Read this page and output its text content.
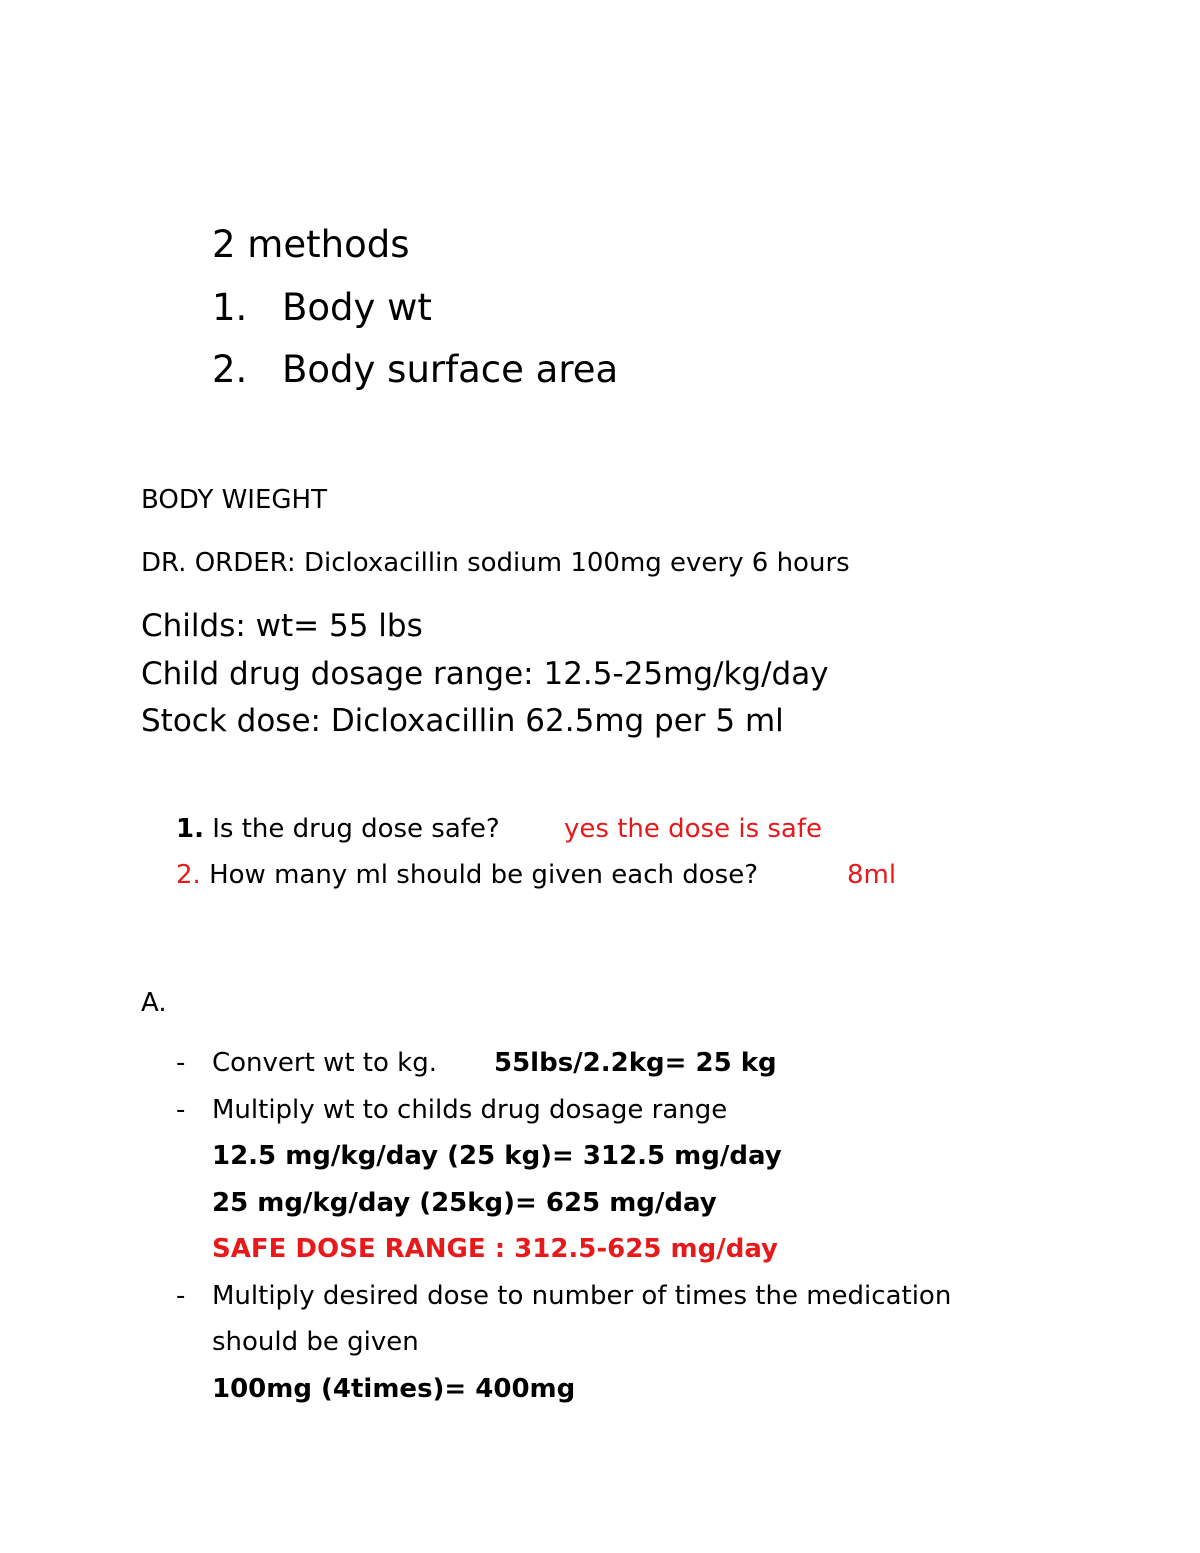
2 methods
1. Body wt
2. Body surface area
BODY WIEGHT
DR. ORDER: Dicloxacillin sodium 100mg every 6 hours
Childs: wt= 55 lbs
Child drug dosage range: 12.5-25mg/kg/day
Stock dose: Dicloxacillin 62.5mg per 5 ml
1. Is the drug dose safe? yes the dose is safe
2. How many ml should be given each dose?	8ml
A.
- Convert wt to kg. 55lbs/2.2kg= 25 kg
- Multiply wt to childs drug dosage range
12.5 mg/kg/day (25 kg)= 312.5 mg/day
25 mg/kg/day (25kg)= 625 mg/day
SAFE DOSE RANGE : 312.5-625 mg/day
- Multiply desired dose to number of times the medication
should be given
100mg (4times)= 400mg
